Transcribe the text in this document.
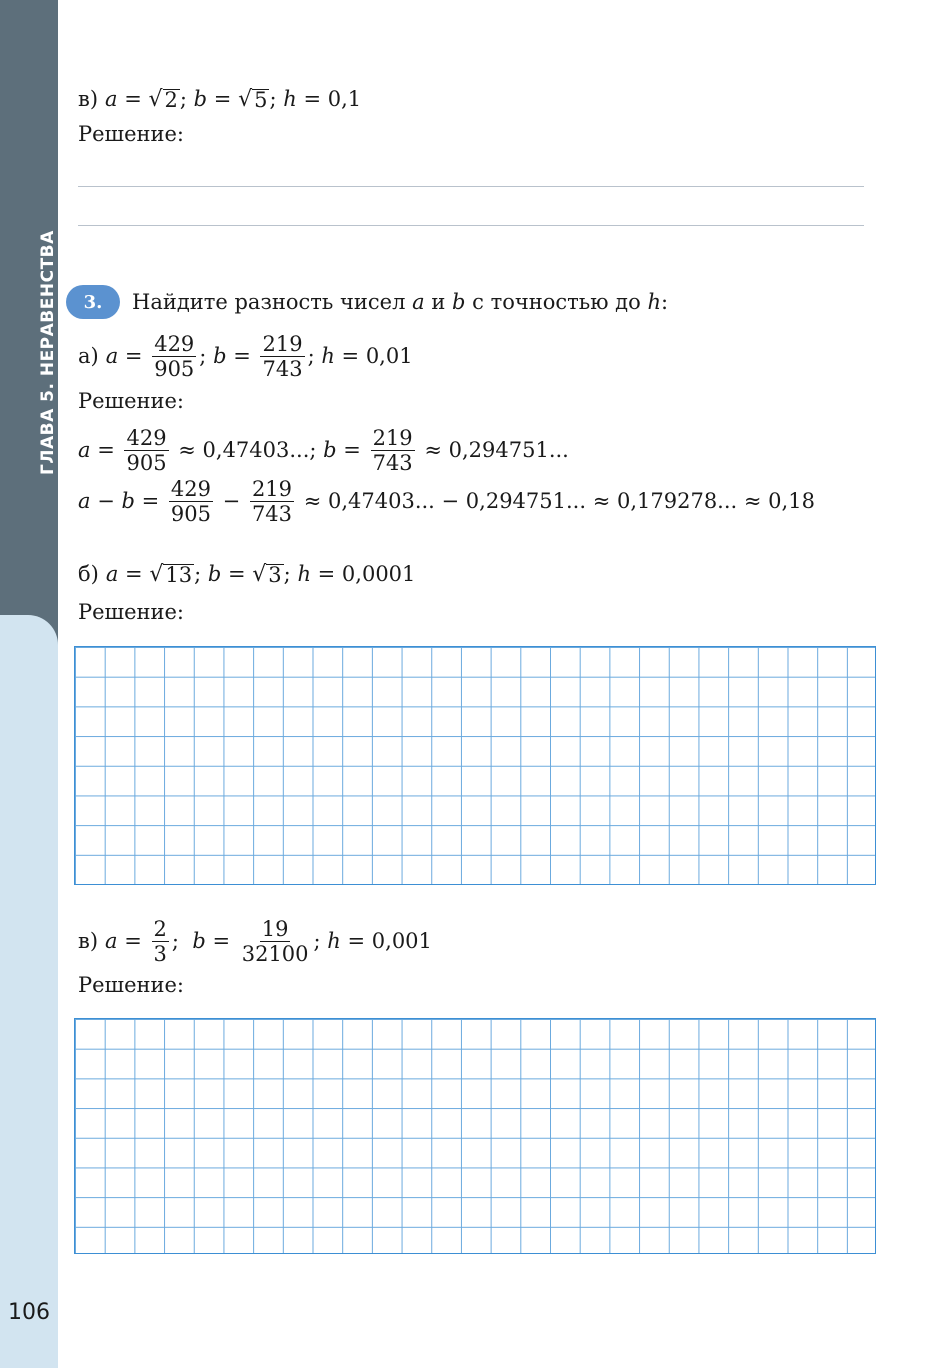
ГЛАВА 5. НЕРАВЕНСТВА
106
в) a = √ 2 ; b = √ 5 ; h = 0,1
Решение:
3.	Найдите разность чисел
a
и
b
с точностью до
h :
а) $a = \frac{429}{905}$ ; $b = \frac{219}{743}$ ; h = 0,01
Решение:
$a = \frac{429}{905} \approx 0,47403$... ; $b = \frac{219}{743} \approx 0,294751$...
$a - b = \frac{429}{905} - \frac{219}{743} \approx 0,47403$... − 0,294751... ≈ 0,179278... ≈ 0,18
б) a = √ 13 ; b = √ 3 ; h = 0,0001
Решение:
в) $a = \frac{2}{3}$ ; $b = \frac{19}{32100}$ ; h = 0,001
Решение:
